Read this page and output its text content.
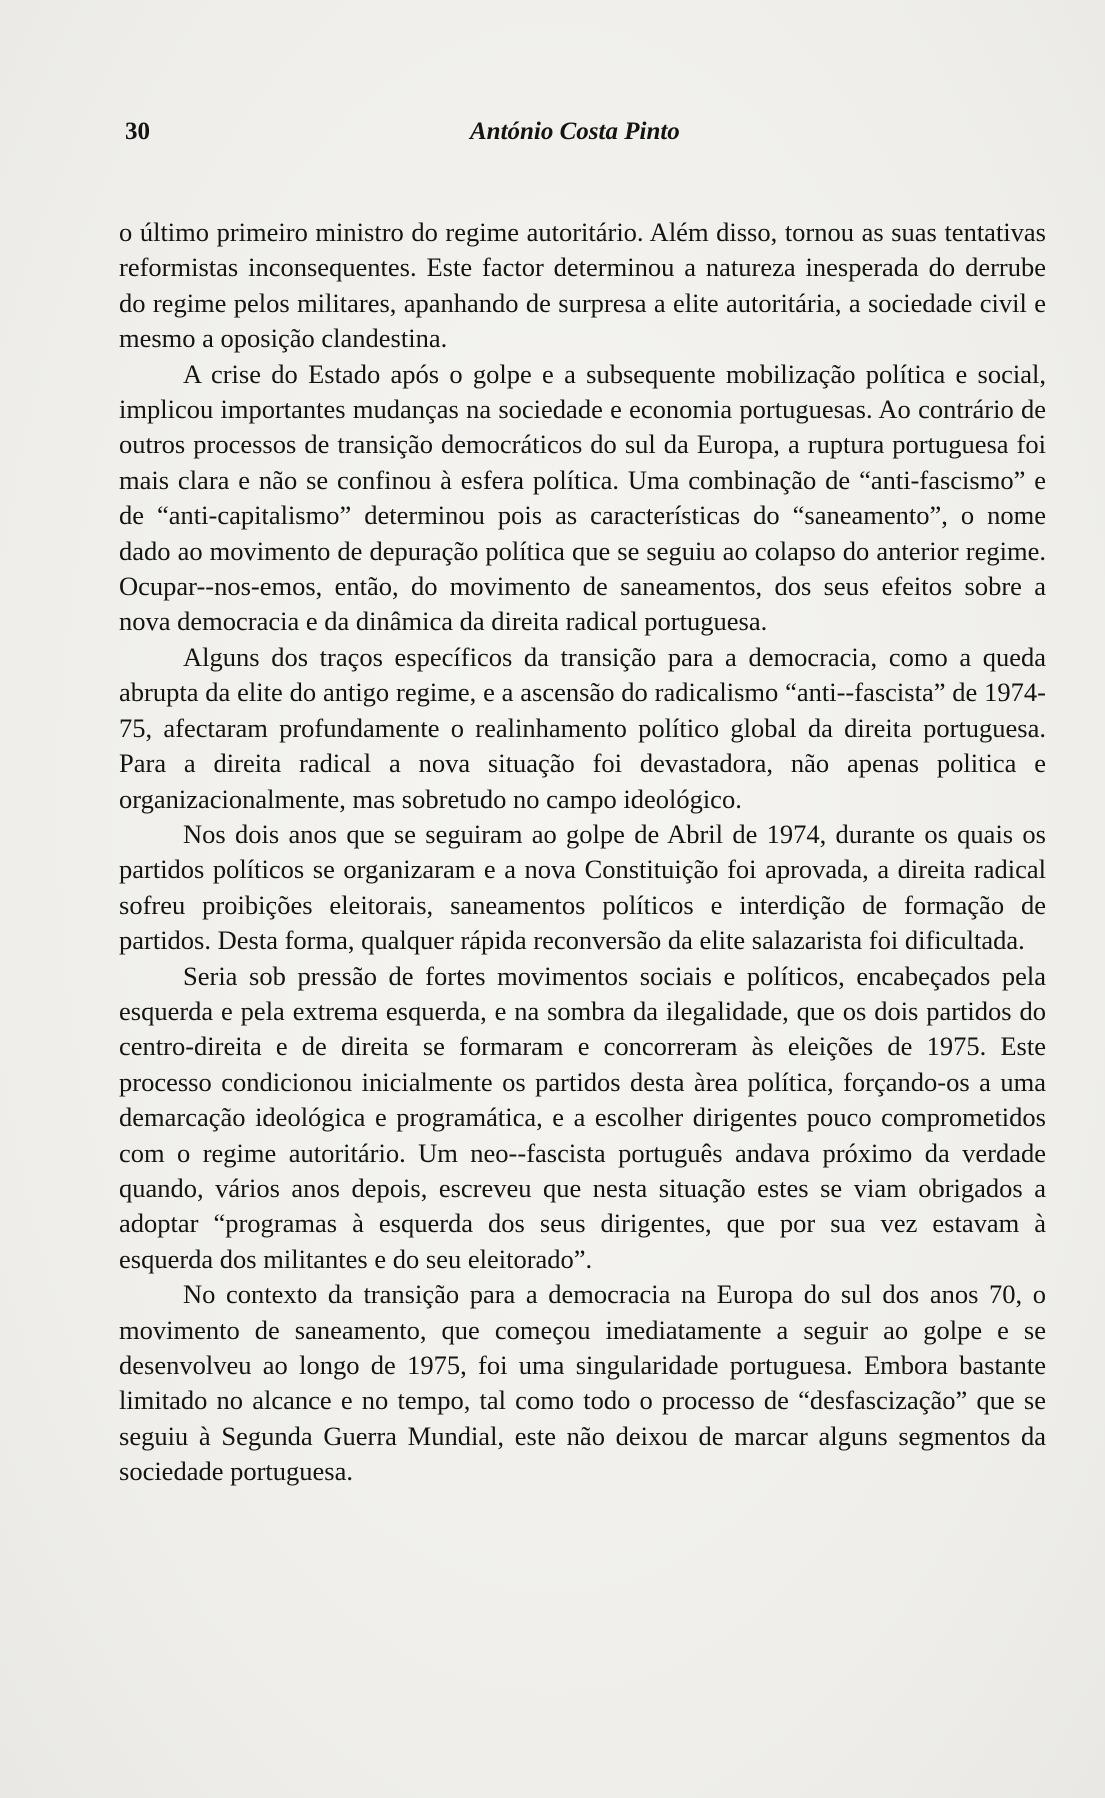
30	António Costa Pinto

o último primeiro ministro do regime autoritário. Além disso, tornou as suas tentativas reformistas inconsequentes. Este factor determinou a natureza inesperada do derrube do regime pelos militares, apanhando de surpresa a elite autoritária, a sociedade civil e mesmo a oposição clandestina.

A crise do Estado após o golpe e a subsequente mobilização política e social, implicou importantes mudanças na sociedade e economia portuguesas. Ao contrário de outros processos de transição democráticos do sul da Europa, a ruptura portuguesa foi mais clara e não se confinou à esfera política. Uma combinação de “anti-fascismo” e de “anti-capitalismo” determinou pois as características do “saneamento”, o nome dado ao movimento de depuração política que se seguiu ao colapso do anterior regime. Ocupar--nos-emos, então, do movimento de saneamentos, dos seus efeitos sobre a nova democracia e da dinâmica da direita radical portuguesa.

Alguns dos traços específicos da transição para a democracia, como a queda abrupta da elite do antigo regime, e a ascensão do radicalismo “anti--fascista” de 1974-75, afectaram profundamente o realinhamento político global da direita portuguesa. Para a direita radical a nova situação foi devastadora, não apenas politica e organizacionalmente, mas sobretudo no campo ideológico.

Nos dois anos que se seguiram ao golpe de Abril de 1974, durante os quais os partidos políticos se organizaram e a nova Constituição foi aprovada, a direita radical sofreu proibições eleitorais, saneamentos políticos e interdição de formação de partidos. Desta forma, qualquer rápida reconversão da elite salazarista foi dificultada.

Seria sob pressão de fortes movimentos sociais e políticos, encabeçados pela esquerda e pela extrema esquerda, e na sombra da ilegalidade, que os dois partidos do centro-direita e de direita se formaram e concorreram às eleições de 1975. Este processo condicionou inicialmente os partidos desta àrea política, forçando-os a uma demarcação ideológica e programática, e a escolher dirigentes pouco comprometidos com o regime autoritário. Um neo--fascista português andava próximo da verdade quando, vários anos depois, escreveu que nesta situação estes se viam obrigados a adoptar “programas à esquerda dos seus dirigentes, que por sua vez estavam à esquerda dos militantes e do seu eleitorado”.

No contexto da transição para a democracia na Europa do sul dos anos 70, o movimento de saneamento, que começou imediatamente a seguir ao golpe e se desenvolveu ao longo de 1975, foi uma singularidade portuguesa. Embora bastante limitado no alcance e no tempo, tal como todo o processo de “desfascização” que se seguiu à Segunda Guerra Mundial, este não deixou de marcar alguns segmentos da sociedade portuguesa.
